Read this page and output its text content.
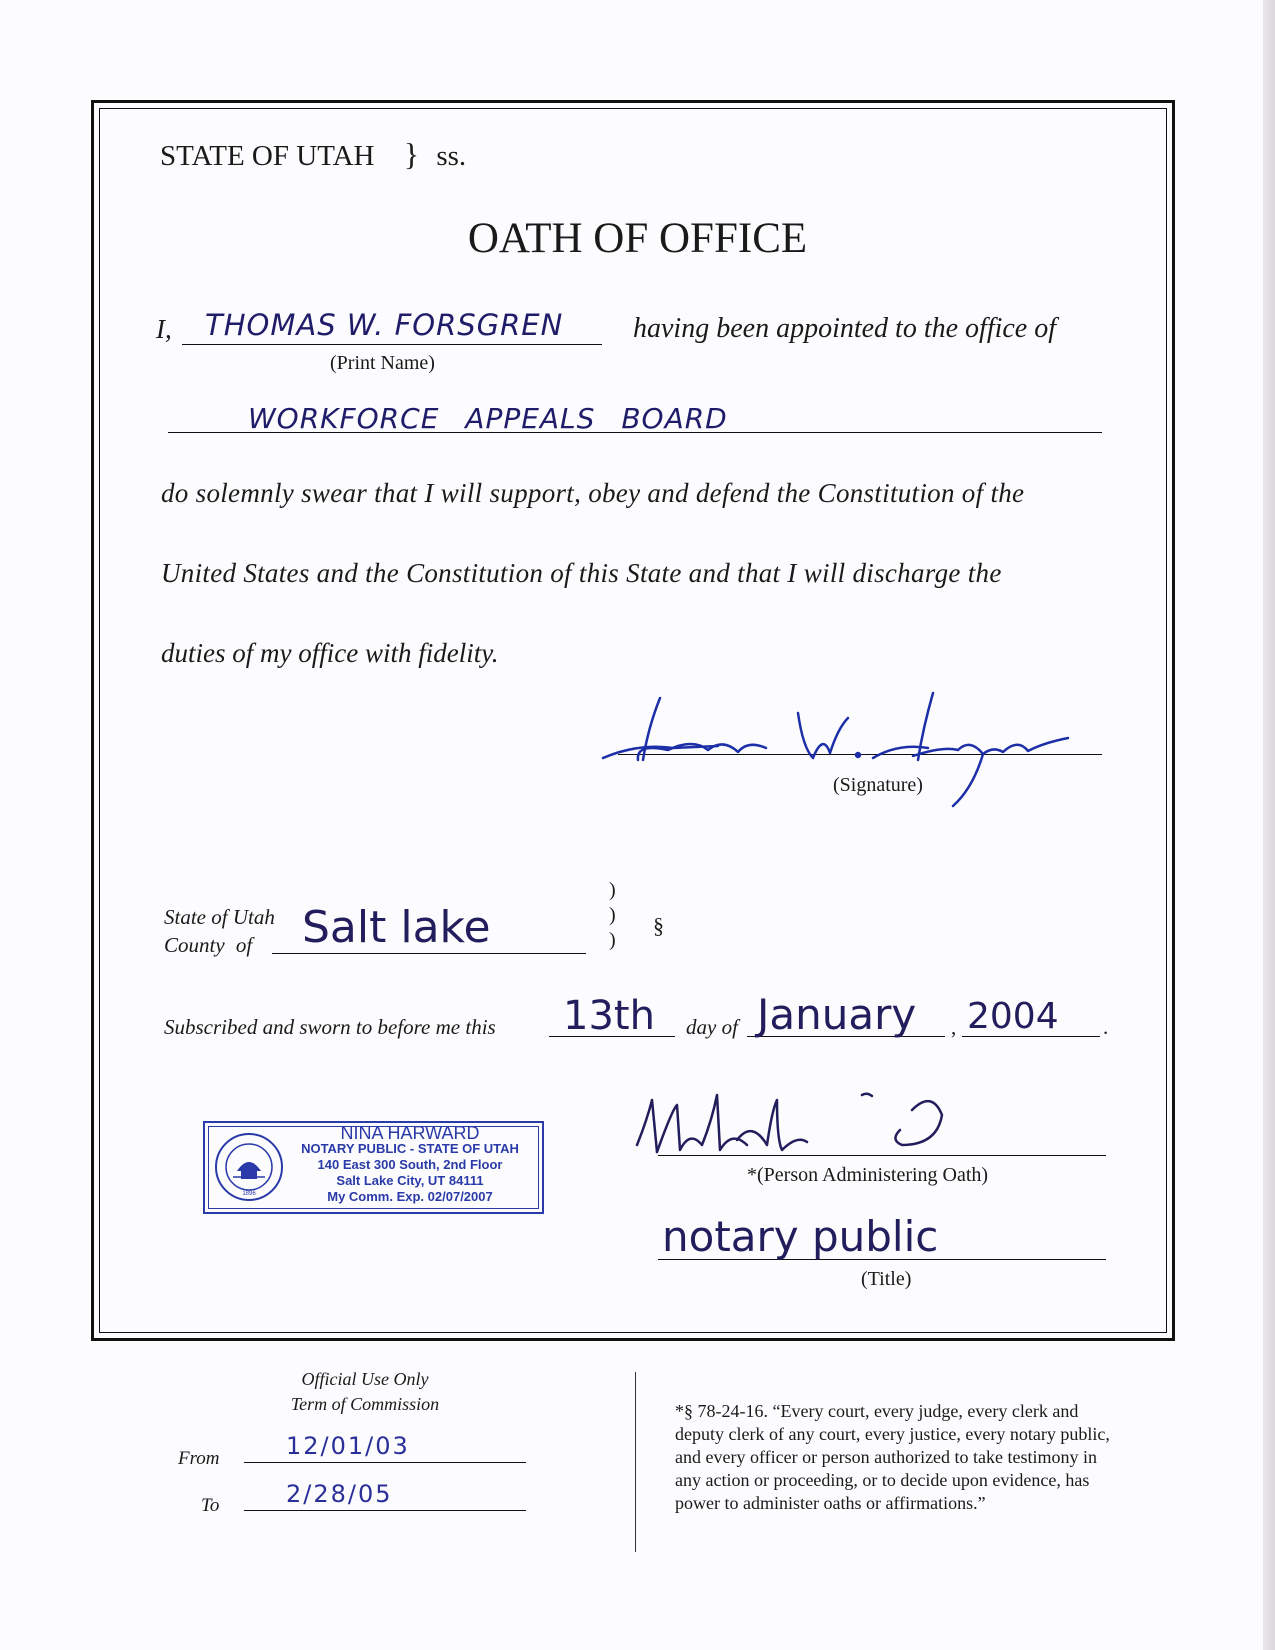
STATE OF UTAH } ss.
OATH OF OFFICE
I, THOMAS W. FORSGREN
(Print Name)
having been appointed to the office of
WORKFORCE APPEALS BOARD
do solemnly swear that I will support, obey and defend the Constitution of the
United States and the Constitution of this State and that I will discharge the
duties of my office with fidelity.
(Signature)
State of Utah
County of Salt lake
)
)
)
§
Subscribed and sworn to before me this 13th day of January , 2004 .
*(Person Administering Oath)
notary public
(Title)
1896
NINA HARWARD
NOTARY PUBLIC - STATE OF UTAH
140 East 300 South, 2nd Floor
Salt Lake City, UT 84111
My Comm. Exp. 02/07/2007
Official Use Only
Term of Commission
From	12/01/03
To	2/28/05
*§ 78-24-16. “Every court, every judge, every clerk and
deputy clerk of any court, every justice, every notary public,
and every officer or person authorized to take testimony in
any action or proceeding, or to decide upon evidence, has
power to administer oaths or affirmations.”
